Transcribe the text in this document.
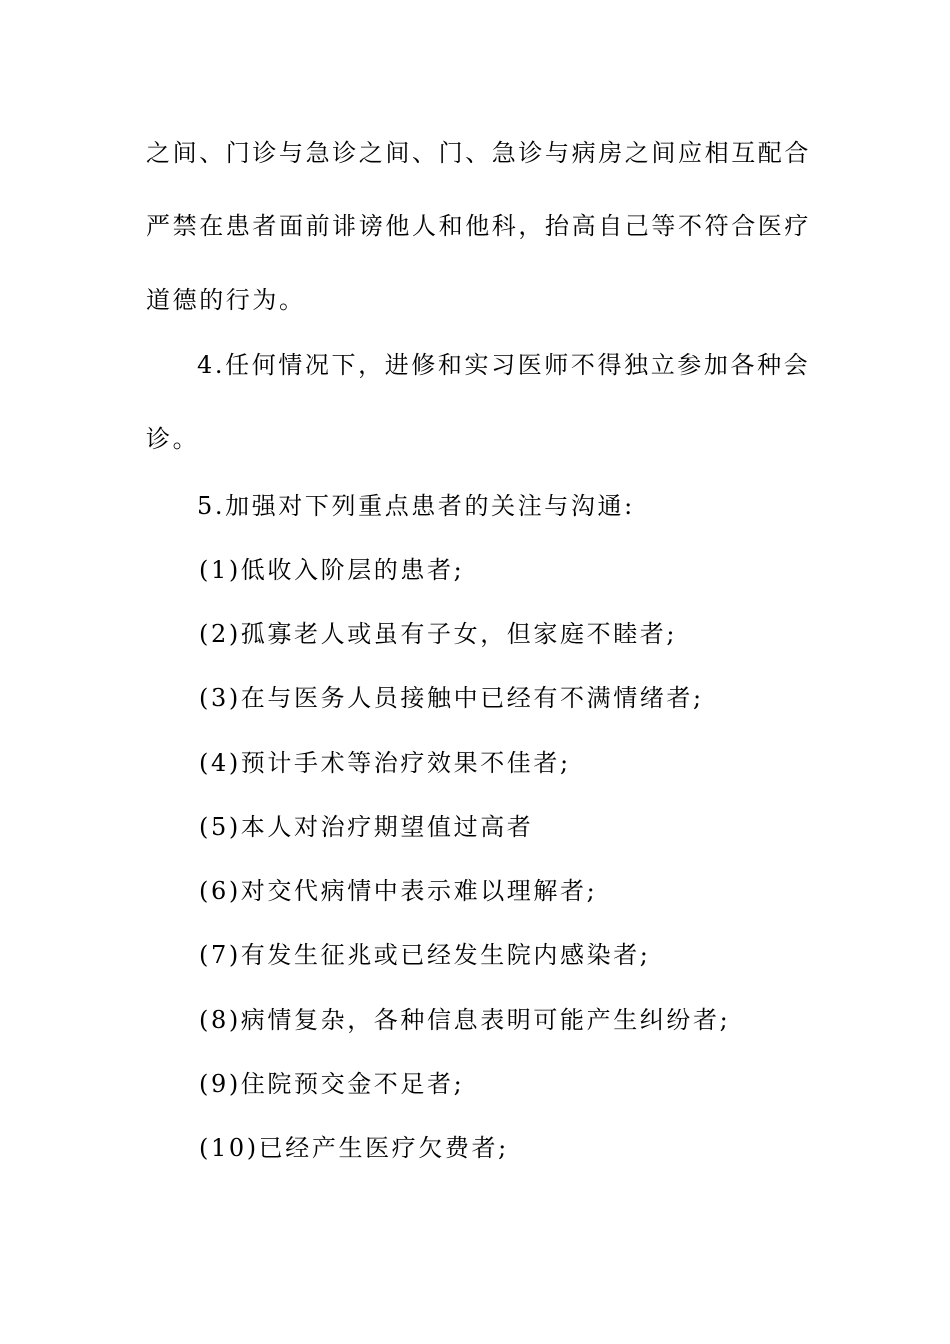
之间、门诊与急诊之间、门、急诊与病房之间应相互配合
严禁在患者面前诽谤他人和他科，抬高自己等不符合医疗
道德的行为。
4.任何情况下，进修和实习医师不得独立参加各种会
诊。
5.加强对下列重点患者的关注与沟通:
(1)低收入阶层的患者;
(2)孤寡老人或虽有子女，但家庭不睦者;
(3)在与医务人员接触中已经有不满情绪者;
(4)预计手术等治疗效果不佳者;
(5)本人对治疗期望值过高者
(6)对交代病情中表示难以理解者;
(7)有发生征兆或已经发生院内感染者;
(8)病情复杂，各种信息表明可能产生纠纷者;
(9)住院预交金不足者;
(10)已经产生医疗欠费者;
